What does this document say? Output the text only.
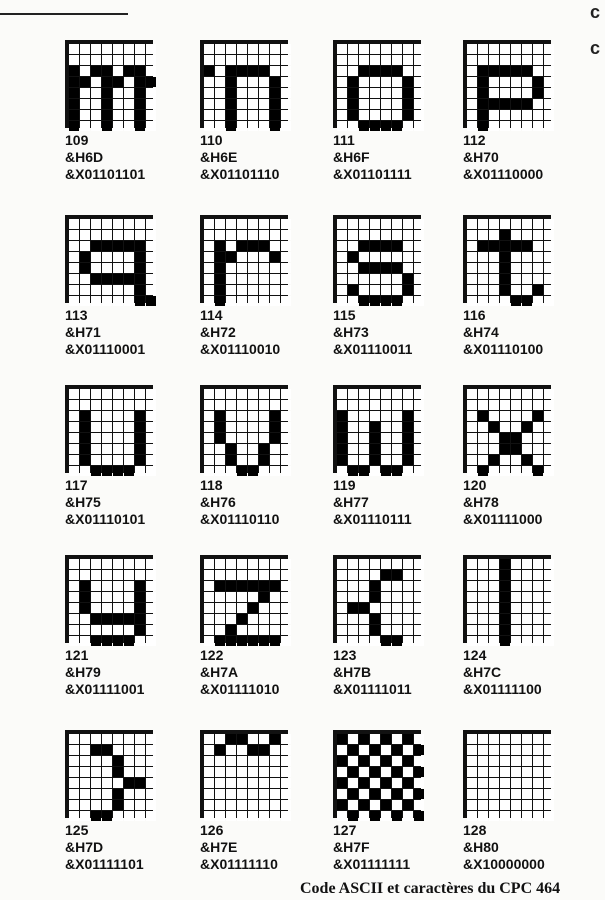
c
c
109
&H6D
&X01101101
110
&H6E
&X01101110
111
&H6F
&X01101111
112
&H70
&X01110000
113
&H71
&X01110001
114
&H72
&X01110010
115
&H73
&X01110011
116
&H74
&X01110100
117
&H75
&X01110101
118
&H76
&X01110110
119
&H77
&X01110111
120
&H78
&X01111000
121
&H79
&X01111001
122
&H7A
&X01111010
123
&H7B
&X01111011
124
&H7C
&X01111100
125
&H7D
&X01111101
126
&H7E
&X01111110
127
&H7F
&X01111111
128
&H80
&X10000000
Code ASCII et caractères du CPC 464
